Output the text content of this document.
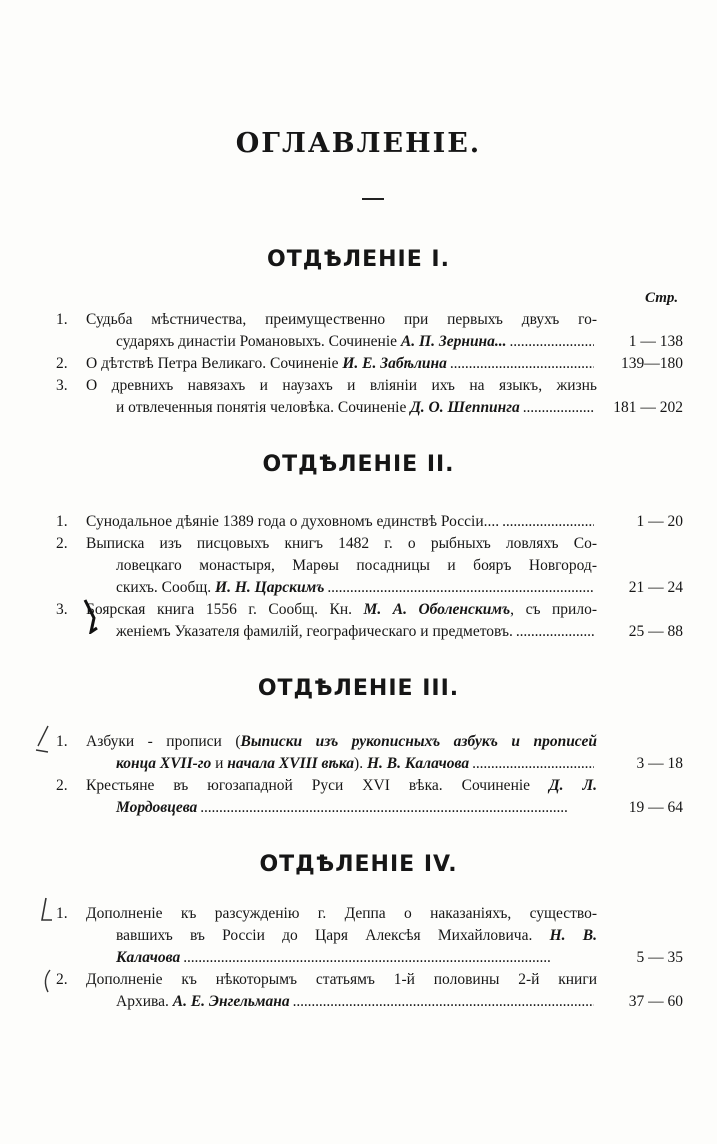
ОГЛАВЛЕНІЕ.
Стр.
ОТДѢЛЕНІЕ I.
1.	Судьба мѣстничества, преимущественно при первыхъ двухъ го-
сударяхъ династіи Романовыхъ. Сочиненіе А. П. Зернина... . . .	1 — 138
2.	О дѣтствѣ Петра Великаго. Сочиненіе И. Е. Забѣлина . . .	139—180
3.	О древнихъ навязахъ и наузахъ и вліяніи ихъ на языкъ, жизнь
и отвлеченныя понятія человѣка. Сочиненіе Д. О. Шеппинга . . .	181 — 202
ОТДѢЛЕНІЕ II.
1.	Сунодальное дѣяніе 1389 года о духовномъ единствѣ Россіи.... . . .	1 — 20
2.	Выписка изъ писцовыхъ книгъ 1482 г. о рыбныхъ ловляхъ Со-
ловецкаго монастыря, Марѳы посадницы и бояръ Новгород-
скихъ. Сообщ. И. Н. Царскимъ . . .	21 — 24
3.	Боярская книга 1556 г. Сообщ. Кн. М. А. Оболенскимъ, съ прило-
женіемъ Указателя фамилій, географическаго и предметовъ. . . .	25 — 88
ОТДѢЛЕНІЕ III.
1.	Азбуки - прописи (Выписки изъ рукописныхъ азбукъ и прописей
конца XVII-го и начала XVIII вѣка ). Н. В. Калачова . . .	3 — 18
2.	Крестьяне въ югозападной Руси XVI вѣка. Сочиненіе Д. Л.
Мордовцева . . .	19 — 64
ОТДѢЛЕНІЕ IV.
1.	Дополненіе къ разсужденію г. Деппа о наказаніяхъ, существо-
вавшихъ въ Россіи до Царя Алексѣя Михайловича. Н. В.
Калачова . . .	5 — 35
2.	Дополненіе къ нѣкоторымъ статьямъ 1-й половины 2-й книги
Архива. А. Е. Энгельмана . . .	37 — 60
